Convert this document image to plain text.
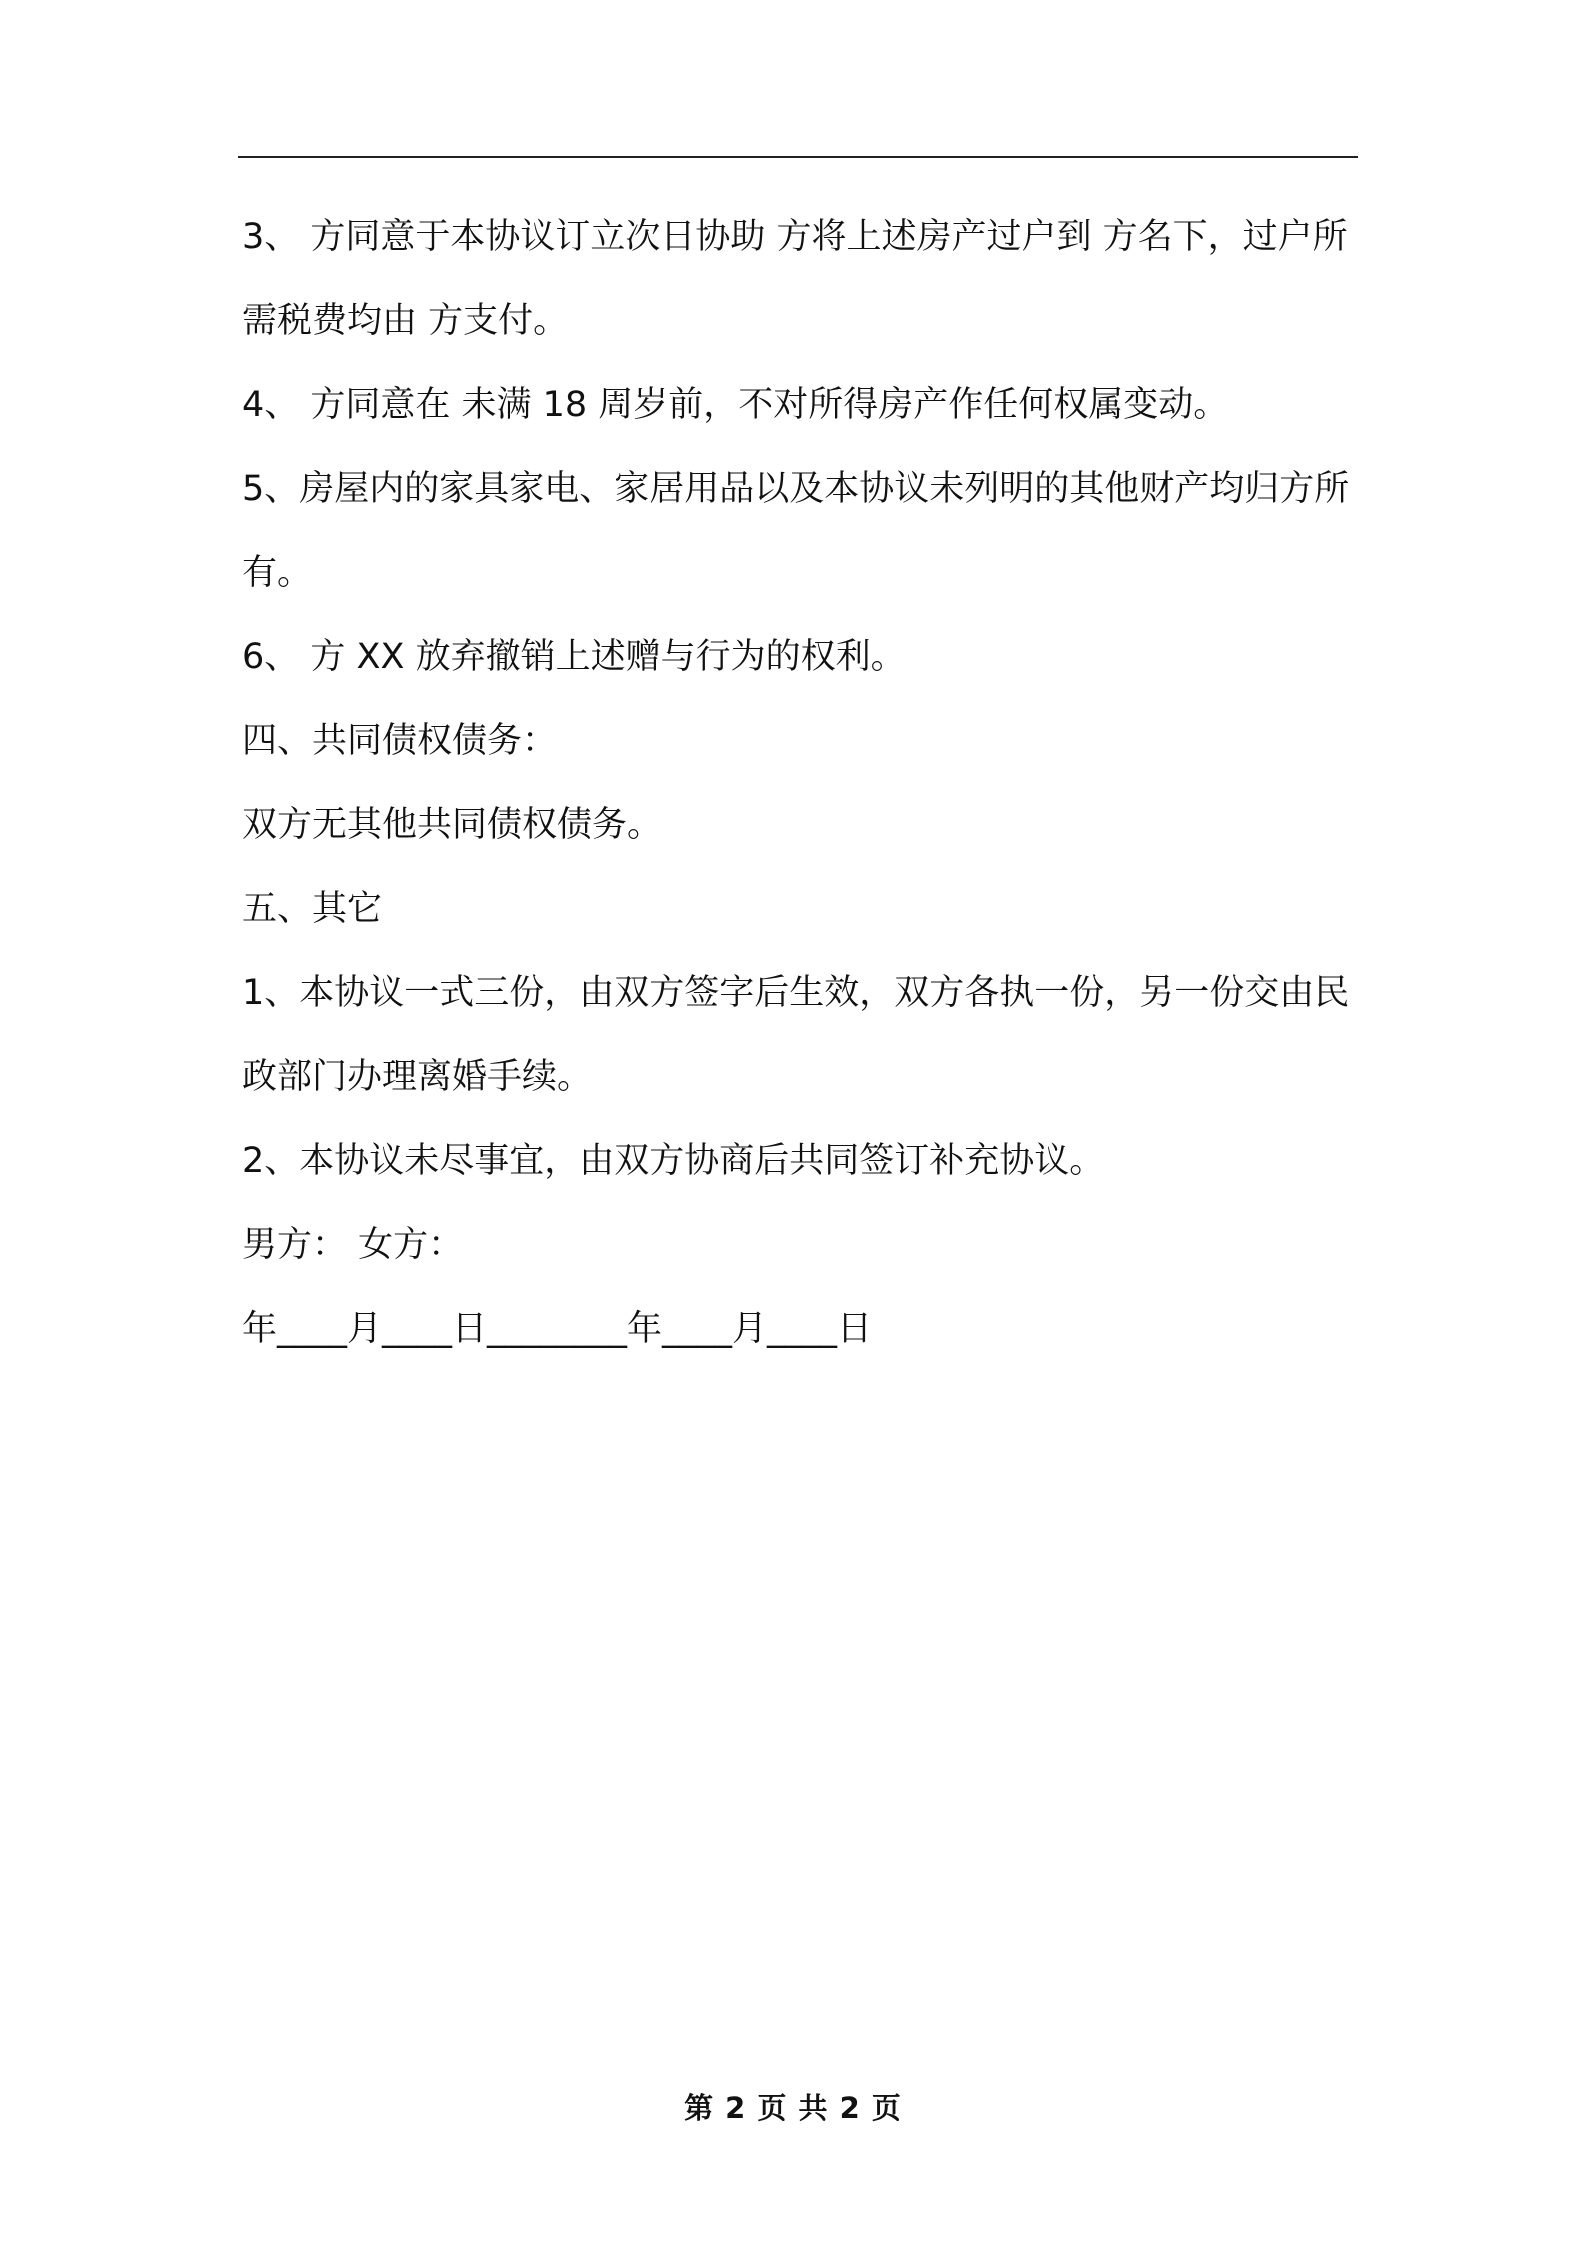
3、 方同意于本协议订立次日协助 方将上述房产过户到 方名下，过户所需税费均由 方支付。

4、 方同意在 未满 18 周岁前，不对所得房产作任何权属变动。

5、房屋内的家具家电、家居用品以及本协议未列明的其他财产均归方所有。

6、 方 XX 放弃撤销上述赠与行为的权利。

四、共同债权债务：

双方无其他共同债权债务。

五、其它

1、本协议一式三份，由双方签字后生效，双方各执一份，另一份交由民政部门办理离婚手续。

2、本协议未尽事宜，由双方协商后共同签订补充协议。

男方： 女方：

年____月____日________年____月____日

第 2 页 共 2 页
